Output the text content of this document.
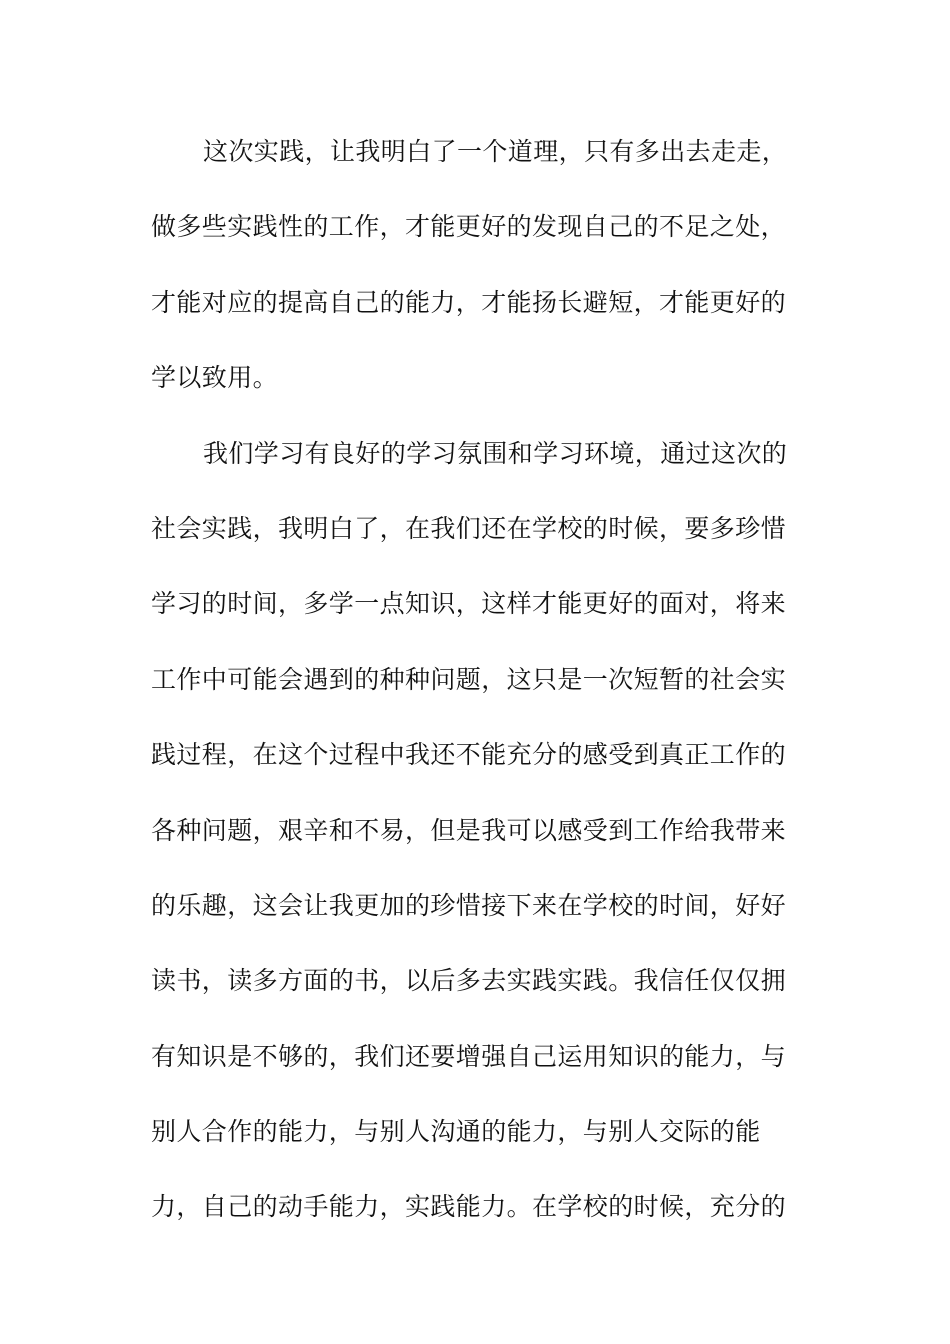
这次实践，让我明白了一个道理，只有多出去走走，
做多些实践性的工作，才能更好的发现自己的不足之处，
才能对应的提高自己的能力，才能扬长避短，才能更好的
学以致用。
我们学习有良好的学习氛围和学习环境，通过这次的
社会实践，我明白了，在我们还在学校的时候，要多珍惜
学习的时间，多学一点知识，这样才能更好的面对，将来
工作中可能会遇到的种种问题，这只是一次短暂的社会实
践过程，在这个过程中我还不能充分的感受到真正工作的
各种问题，艰辛和不易，但是我可以感受到工作给我带来
的乐趣，这会让我更加的珍惜接下来在学校的时间，好好
读书，读多方面的书，以后多去实践实践。我信任仅仅拥
有知识是不够的，我们还要增强自己运用知识的能力，与
别人合作的能力，与别人沟通的能力，与别人交际的能
力，自己的动手能力，实践能力。在学校的时候，充分的
